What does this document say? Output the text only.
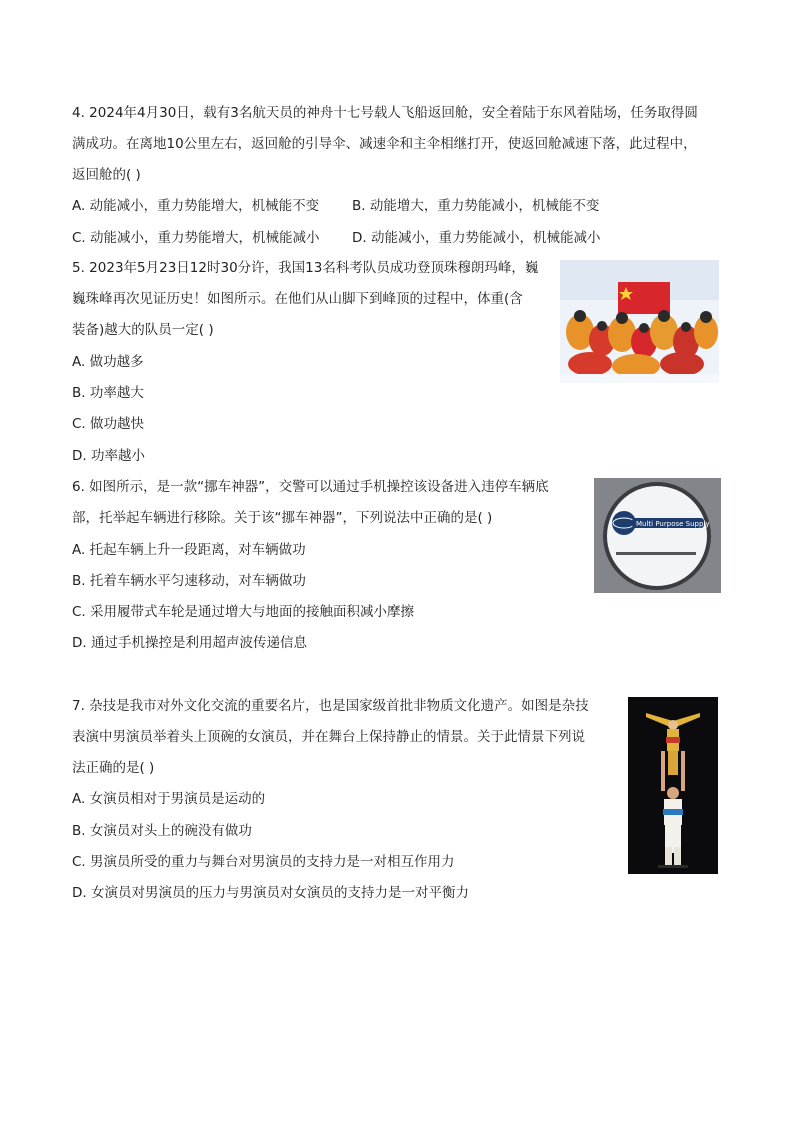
4. 2024年4月30日，载有3名航天员的神舟十七号载人飞船返回舱，安全着陆于东风着陆场，任务取得圆
满成功。在离地10公里左右，返回舱的引导伞、减速伞和主伞相继打开，使返回舱减速下落，此过程中，
返回舱的( )
A. 动能减小，重力势能增大，机械能不变 B. 动能增大，重力势能减小，机械能不变
C. 动能减小，重力势能增大，机械能减小 D. 动能减小，重力势能减小，机械能减小
5. 2023年5月23日12时30分许，我国13名科考队员成功登顶珠穆朗玛峰，巍
巍珠峰再次见证历史！如图所示。在他们从山脚下到峰顶的过程中，体重(含
装备)越大的队员一定( )
A. 做功越多
B. 功率越大
C. 做功越快
D. 功率越小
6. 如图所示，是一款“挪车神器”，交警可以通过手机操控该设备进入违停车辆底
部，托举起车辆进行移除。关于该“挪车神器”，下列说法中正确的是( )
A. 托起车辆上升一段距离，对车辆做功
B. 托着车辆水平匀速移动，对车辆做功
C. 采用履带式车轮是通过增大与地面的接触面积减小摩擦
D. 通过手机操控是利用超声波传递信息
Multi Purpose Supply
7. 杂技是我市对外文化交流的重要名片，也是国家级首批非物质文化遗产。如图是杂技
表演中男演员举着头上顶碗的女演员，并在舞台上保持静止的情景。关于此情景下列说
法正确的是( )
A. 女演员相对于男演员是运动的
B. 女演员对头上的碗没有做功
C. 男演员所受的重力与舞台对男演员的支持力是一对相互作用力
D. 女演员对男演员的压力与男演员对女演员的支持力是一对平衡力
